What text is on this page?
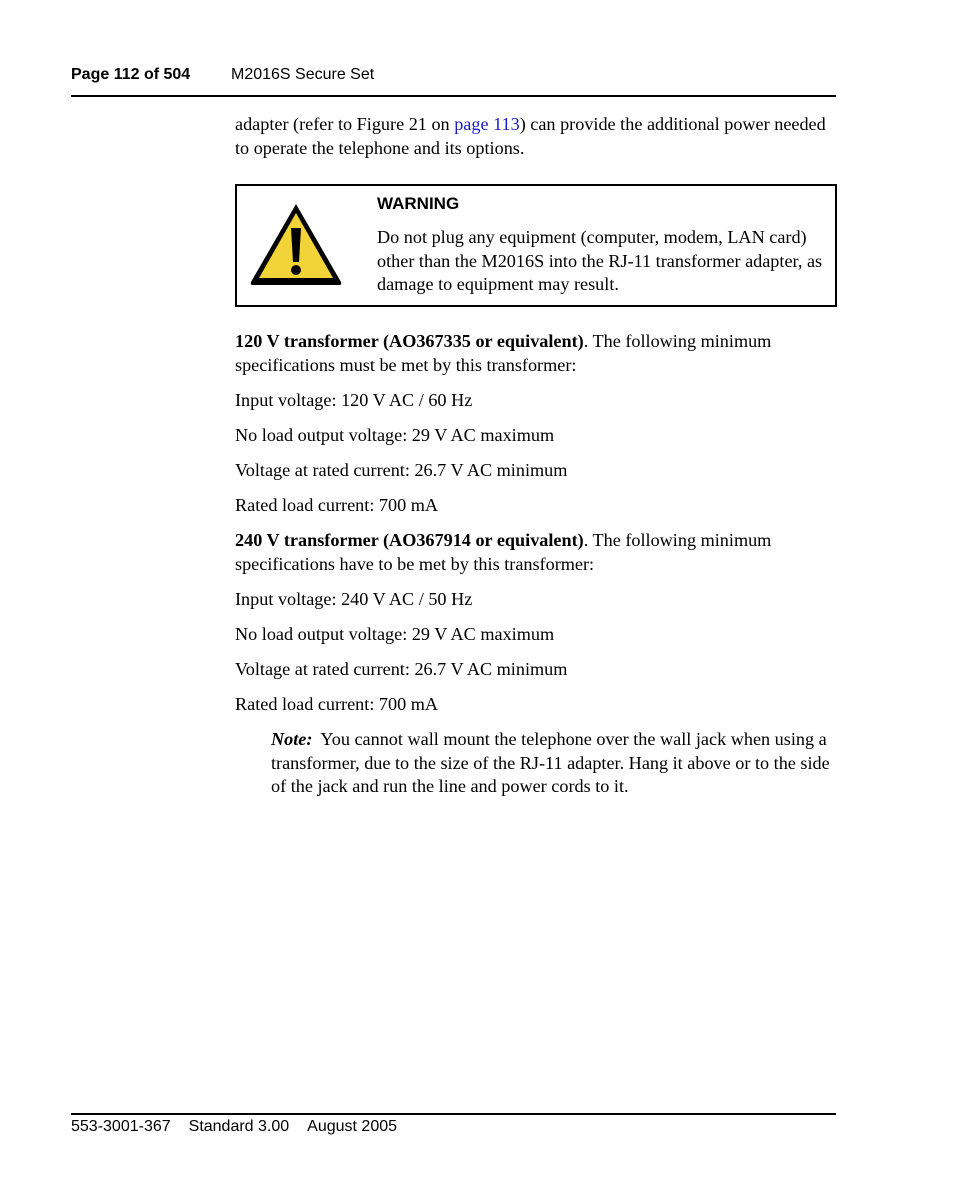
Page 112 of 504	M2016S Secure Set

adapter (refer to Figure 21 on page 113) can provide the additional power needed to operate the telephone and its options.

WARNING
Do not plug any equipment (computer, modem, LAN card) other than the M2016S into the RJ-11 transformer adapter, as damage to equipment may result.

120 V transformer (AO367335 or equivalent). The following minimum specifications must be met by this transformer:

Input voltage: 120 V AC / 60 Hz

No load output voltage: 29 V AC maximum

Voltage at rated current: 26.7 V AC minimum

Rated load current: 700 mA

240 V transformer (AO367914 or equivalent). The following minimum specifications have to be met by this transformer:

Input voltage: 240 V AC / 50 Hz

No load output voltage: 29 V AC maximum

Voltage at rated current: 26.7 V AC minimum

Rated load current: 700 mA

Note: You cannot wall mount the telephone over the wall jack when using a transformer, due to the size of the RJ-11 adapter. Hang it above or to the side of the jack and run the line and power cords to it.

553-3001-367 Standard 3.00 August 2005
